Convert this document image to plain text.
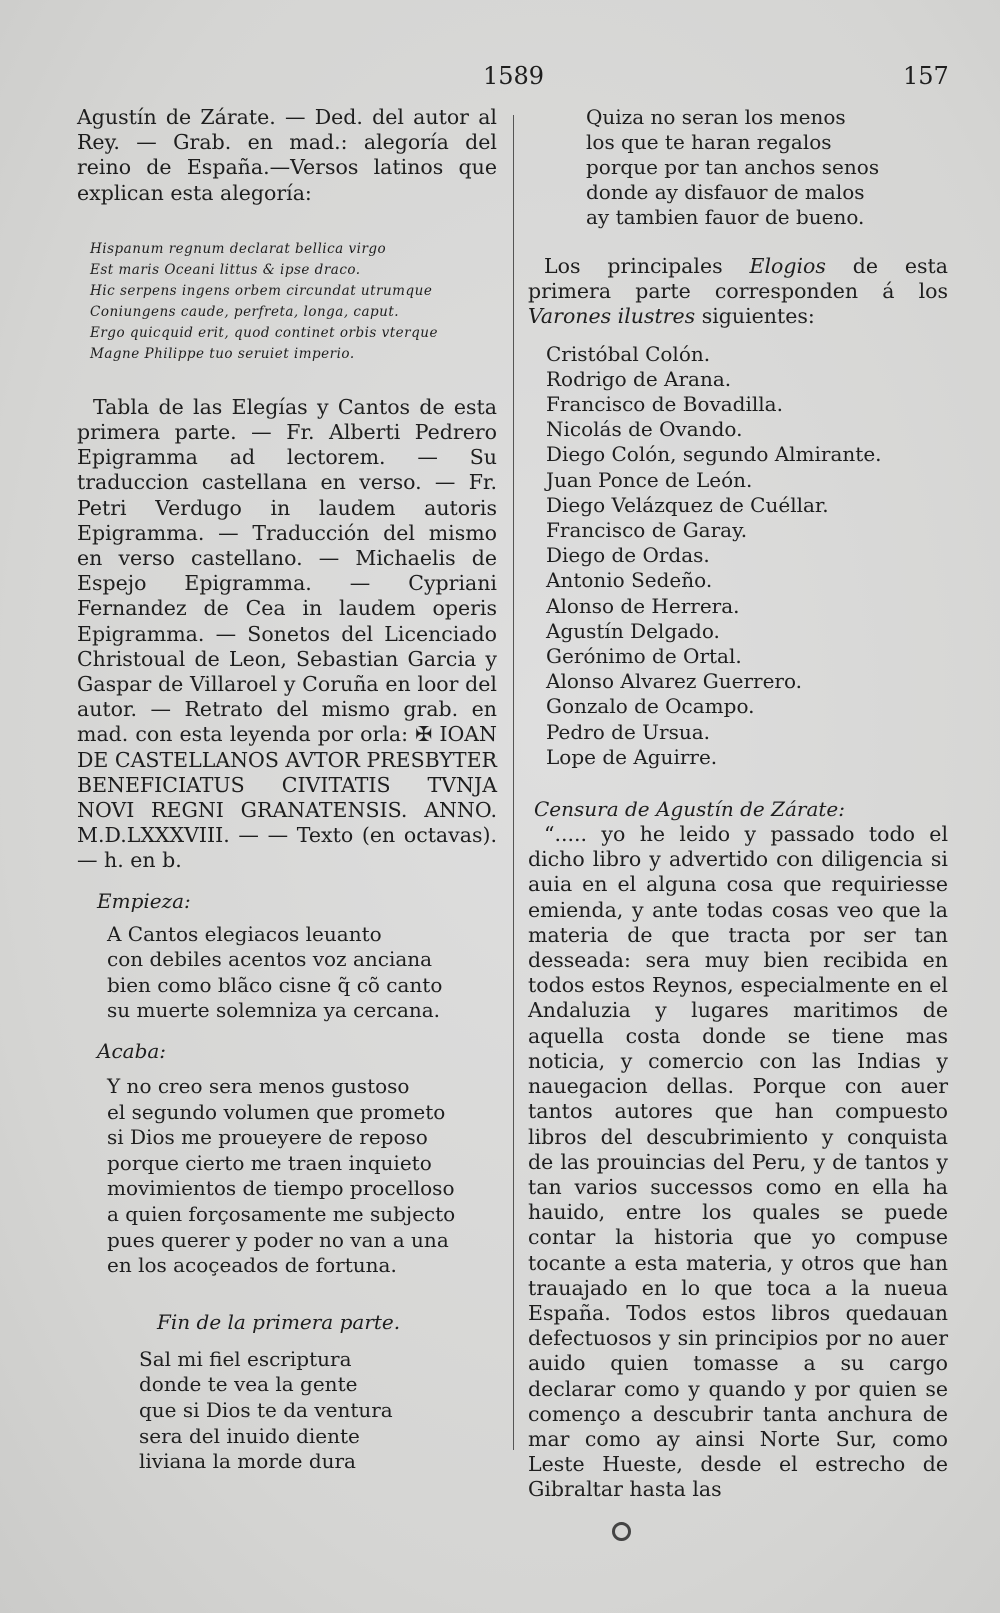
1589	157

Agustín de Zárate. — Ded. del autor al Rey. — Grab. en mad.: alegoría del reino de España.—Versos latinos que explican esta alegoría:

Hispanum regnum declarat bellica virgo
Est maris Oceani littus & ipse draco.
Hic serpens ingens orbem circundat utrumque
Coniungens caude, perfreta, longa, caput.
Ergo quicquid erit, quod continet orbis vterque
Magne Philippe tuo seruiet imperio.

Tabla de las Elegías y Cantos de esta primera parte. — Fr. Alberti Pedrero Epigramma ad lectorem. — Su traduccion castellana en verso. — Fr. Petri Verdugo in laudem autoris Epigramma. — Traducción del mismo en verso castellano. — Michaelis de Espejo Epigramma. — Cypriani Fernandez de Cea in laudem operis Epigramma. — Sonetos del Licenciado Christoual de Leon, Sebastian Garcia y Gaspar de Villaroel y Coruña en loor del autor. — Retrato del mismo grab. en mad. con esta leyenda por orla: ✠ IOAN DE CASTELLANOS AVTOR PRESBYTER BENEFICIATUS CIVITATIS TVNJA NOVI REGNI GRANATENSIS. ANNO. M.D.LXXXVIII. — — Texto (en octavas). — h. en b.

Empieza:

A Cantos elegiacos leuanto
con debiles acentos voz anciana
bien como blãco cisne q̃ cõ canto
su muerte solemniza ya cercana.

Acaba:

Y no creo sera menos gustoso
el segundo volumen que prometo
si Dios me proueyere de reposo
porque cierto me traen inquieto
movimientos de tiempo procelloso
a quien forçosamente me subjecto
pues querer y poder no van a una
en los acoçeados de fortuna.

Fin de la primera parte.

Sal mi fiel escriptura
donde te vea la gente
que si Dios te da ventura
sera del inuido diente
liviana la morde dura
Quiza no seran los menos
los que te haran regalos
porque por tan anchos senos
donde ay disfauor de malos
ay tambien fauor de bueno.

Los principales Elogios de esta primera parte corresponden á los Varones ilustres siguientes:

Cristóbal Colón.
Rodrigo de Arana.
Francisco de Bovadilla.
Nicolás de Ovando.
Diego Colón, segundo Almirante.
Juan Ponce de León.
Diego Velázquez de Cuéllar.
Francisco de Garay.
Diego de Ordas.
Antonio Sedeño.
Alonso de Herrera.
Agustín Delgado.
Gerónimo de Ortal.
Alonso Alvarez Guerrero.
Gonzalo de Ocampo.
Pedro de Ursua.
Lope de Aguirre.

Censura de Agustín de Zárate:

“..... yo he leido y passado todo el dicho libro y advertido con diligencia si auia en el alguna cosa que requiriesse emienda, y ante todas cosas veo que la materia de que tracta por ser tan desseada: sera muy bien recibida en todos estos Reynos, especialmente en el Andaluzia y lugares maritimos de aquella costa donde se tiene mas noticia, y comercio con las Indias y nauegacion dellas. Porque con auer tantos autores que han compuesto libros del descubrimiento y conquista de las prouincias del Peru, y de tantos y tan varios successos como en ella ha hauido, entre los quales se puede contar la historia que yo compuse tocante a esta materia, y otros que han trauajado en lo que toca a la nueua España. Todos estos libros quedauan defectuosos y sin principios por no auer auido quien tomasse a su cargo declarar como y quando y por quien se començo a descubrir tanta anchura de mar como ay ainsi Norte Sur, como Leste Hueste, desde el estrecho de Gibraltar hasta las
